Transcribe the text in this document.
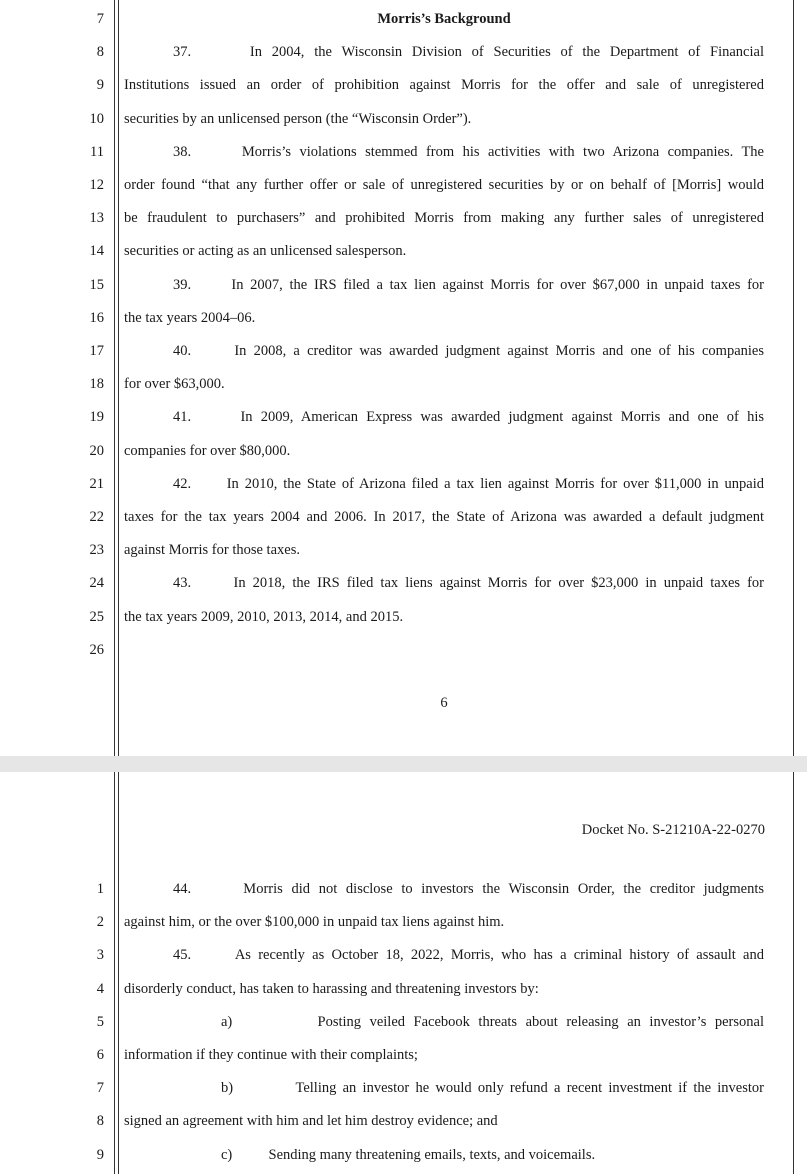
7
8
9
10
11
12
13
14
15
16
17
18
19
20
21
22
23
24
25
26
Morris’s Background
37.      In 2004, the Wisconsin Division of Securities of the Department of Financial
Institutions issued an order of prohibition against Morris for the offer and sale of unregistered
securities by an unlicensed person (the “Wisconsin Order”).
38.      Morris’s violations stemmed from his activities with two Arizona companies. The
order found “that any further offer or sale of unregistered securities by or on behalf of [Morris] would
be fraudulent to purchasers” and prohibited Morris from making any further sales of unregistered
securities or acting as an unlicensed salesperson.
39.      In 2007, the IRS filed a tax lien against Morris for over $67,000 in unpaid taxes for
the tax years 2004–06.
40.      In 2008, a creditor was awarded judgment against Morris and one of his companies
for over $63,000.
41.      In 2009, American Express was awarded judgment against Morris and one of his
companies for over $80,000.
42.      In 2010, the State of Arizona filed a tax lien against Morris for over $11,000 in unpaid
taxes for the tax years 2004 and 2006. In 2017, the State of Arizona was awarded a default judgment
against Morris for those taxes.
43.      In 2018, the IRS filed tax liens against Morris for over $23,000 in unpaid taxes for
the tax years 2009, 2010, 2013, 2014, and 2015.
6
Docket No. S-21210A-22-0270
1
2
3
4
5
6
7
8
9
44.      Morris did not disclose to investors the Wisconsin Order, the creditor judgments
against him, or the over $100,000 in unpaid tax liens against him.
45.      As recently as October 18, 2022, Morris, who has a criminal history of assault and
disorderly conduct, has taken to harassing and threatening investors by:
a)          Posting veiled Facebook threats about releasing an investor’s personal
information if they continue with their complaints;
b)          Telling an investor he would only refund a recent investment if the investor
signed an agreement with him and let him destroy evidence; and
c)          Sending many threatening emails, texts, and voicemails.
